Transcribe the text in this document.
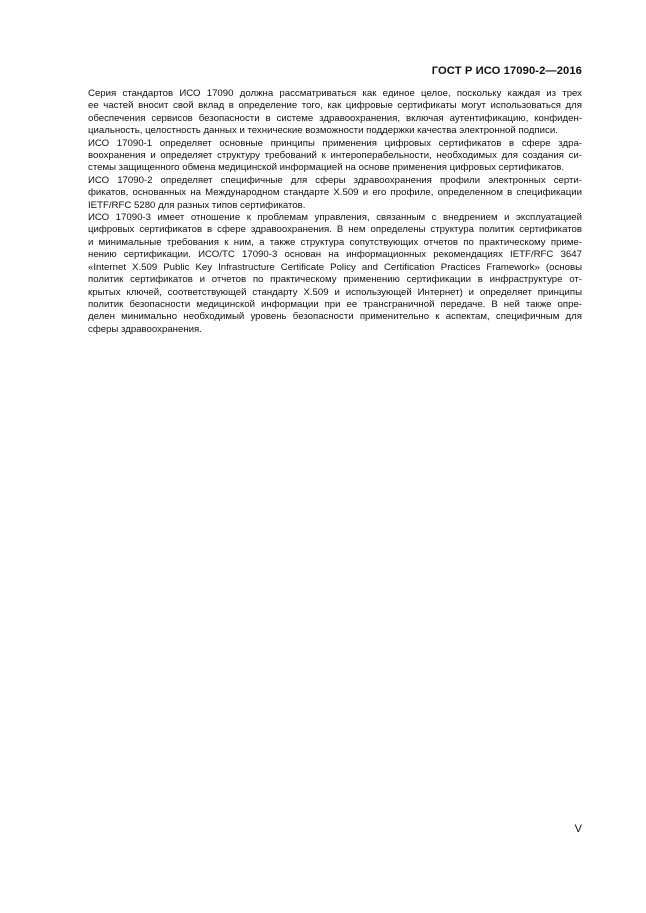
ГОСТ Р ИСО 17090-2—2016

Серия стандартов ИСО 17090 должна рассматриваться как единое целое, поскольку каждая из трех
ее частей вносит свой вклад в определение того, как цифровые сертификаты могут использоваться для
обеспечения сервисов безопасности в системе здравоохранения, включая аутентификацию, конфиден-
циальность, целостность данных и технические возможности поддержки качества электронной подписи.

ИСО 17090-1 определяет основные принципы применения цифровых сертификатов в сфере здра-
воохранения и определяет структуру требований к интероперабельности, необходимых для создания си-
стемы защищенного обмена медицинской информацией на основе применения цифровых сертификатов.

ИСО 17090-2 определяет специфичные для сферы здравоохранения профили электронных серти-
фикатов, основанных на Международном стандарте X.509 и его профиле, определенном в спецификации
IETF/RFC 5280 для разных типов сертификатов.

ИСО 17090-3 имеет отношение к проблемам управления, связанным с внедрением и эксплуатацией
цифровых сертификатов в сфере здравоохранения. В нем определены структура политик сертификатов
и минимальные требования к ним, а также структура сопутствующих отчетов по практическому приме-
нению сертификации. ИСО/ТС 17090-3 основан на информационных рекомендациях IETF/RFC 3647
«Internet X.509 Public Key Infrastructure Certificate Policy and Certification Practices Framework» (основы
политик сертификатов и отчетов по практическому применению сертификации в инфраструктуре от-
крытых ключей, соответствующей стандарту X.509 и использующей Интернет) и определяет принципы
политик безопасности медицинской информации при ее трансграничной передаче. В ней также опре-
делен минимально необходимый уровень безопасности применительно к аспектам, специфичным для
сферы здравоохранения.

V
